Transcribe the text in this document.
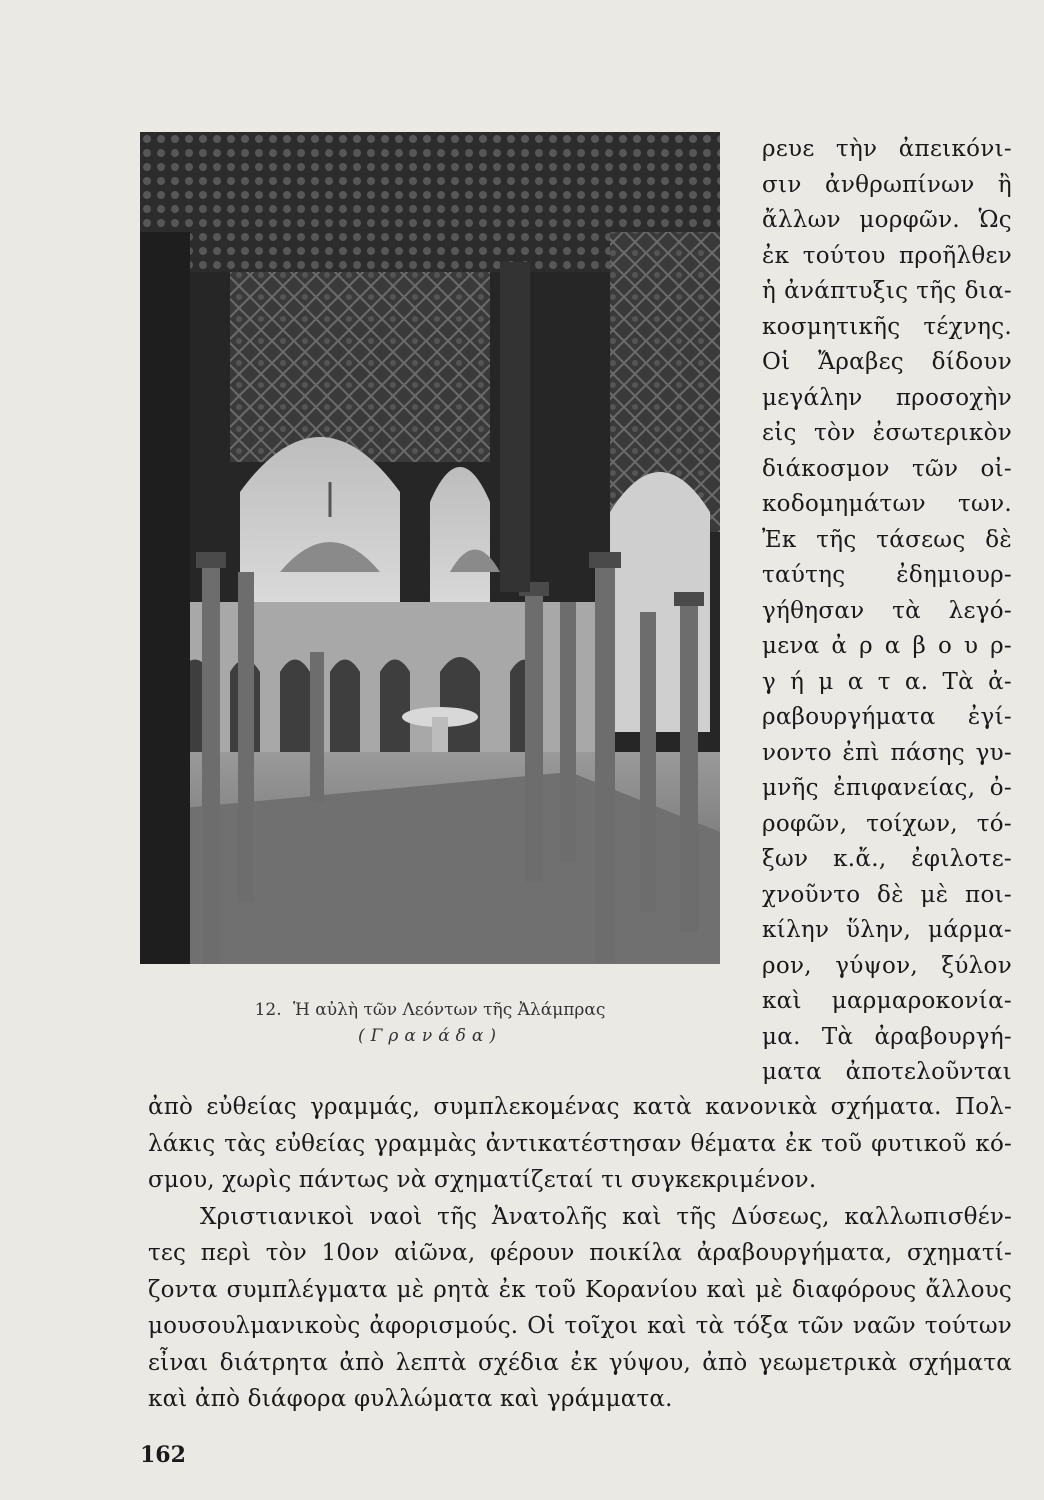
12. Ἡ αὐλὴ τῶν Λεόντων τῆς Ἀλάμπρας
(Γρανάδα)
ρευε τὴν ἀπεικόνι-
σιν ἀνθρωπίνων ἢ
ἄλλων μορφῶν. Ὡς
ἐκ τούτου προῆλθεν
ἡ ἀνάπτυξις τῆς δια-
κοσμητικῆς τέχνης.
Οἱ Ἄραβες δίδουν
μεγάλην προσοχὴν
εἰς τὸν ἐσωτερικὸν
διάκοσμον τῶν οἰ-
κοδομημάτων των.
Ἐκ τῆς τάσεως δὲ
ταύτης ἐδημιουρ-
γήθησαν τὰ λεγό-
μενα ἀ ρ α β ο υ ρ-
γ ή μ α τ α. Τὰ ἀ-
ραβουργήματα ἐγί-
νοντο ἐπὶ πάσης γυ-
μνῆς ἐπιφανείας, ὀ-
ροφῶν, τοίχων, τό-
ξων κ.ἄ., ἐφιλοτε-
χνοῦντο δὲ μὲ ποι-
κίλην ὕλην, μάρμα-
ρον, γύψον, ξύλον
καὶ μαρμαροκονία-
μα. Τὰ ἀραβουργή-
ματα ἀποτελοῦνται
ἀπὸ εὐθείας γραμμάς, συμπλεκομένας κατὰ κανονικὰ σχήματα. Πολ-
λάκις τὰς εὐθείας γραμμὰς ἀντικατέστησαν θέματα ἐκ τοῦ φυτικοῦ κό-
σμου, χωρὶς πάντως νὰ σχηματίζεταί τι συγκεκριμένον.
Χριστιανικοὶ ναοὶ τῆς Ἀνατολῆς καὶ τῆς Δύσεως, καλλωπισθέν-
τες περὶ τὸν 10ον αἰῶνα, φέρουν ποικίλα ἀραβουργήματα, σχηματί-
ζοντα συμπλέγματα μὲ ρητὰ ἐκ τοῦ Κορανίου καὶ μὲ διαφόρους ἄλλους
μουσουλμανικοὺς ἀφορισμούς. Οἱ τοῖχοι καὶ τὰ τόξα τῶν ναῶν τούτων
εἶναι διάτρητα ἀπὸ λεπτὰ σχέδια ἐκ γύψου, ἀπὸ γεωμετρικὰ σχήματα
καὶ ἀπὸ διάφορα φυλλώματα καὶ γράμματα.
162
